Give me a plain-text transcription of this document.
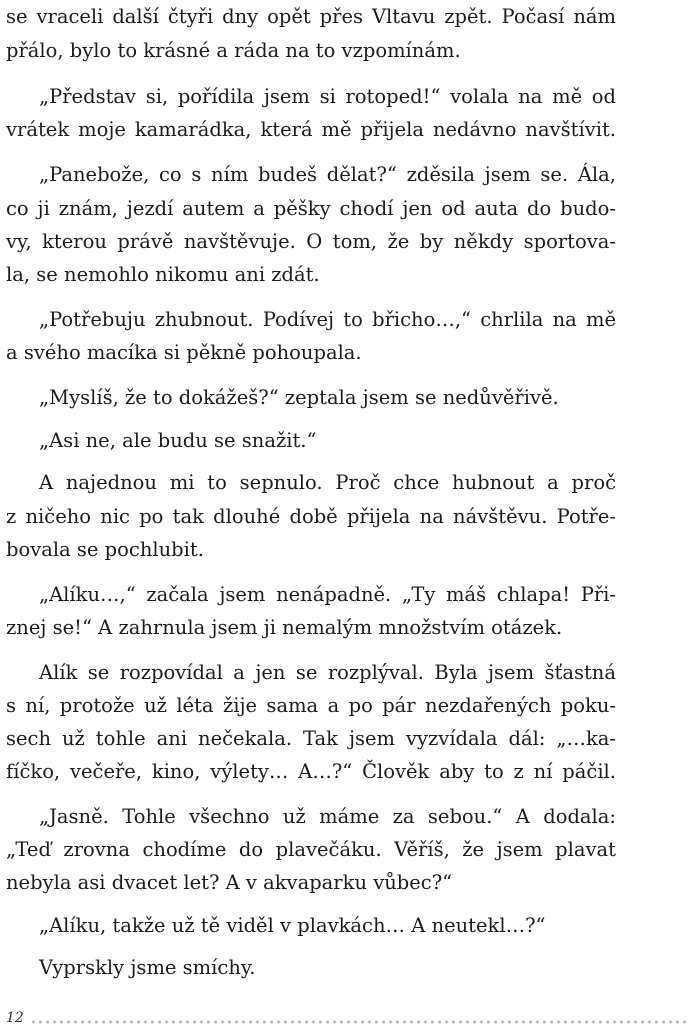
se vraceli další čtyři dny opět přes Vltavu zpět. Počasí nám
přálo, bylo to krásné a ráda na to vzpomínám.
„Představ si, pořídila jsem si rotoped!“ volala na mě od
vrátek moje kamarádka, která mě přijela nedávno navštívit.
„Panebože, co s ním budeš dělat?“ zděsila jsem se. Ála,
co ji znám, jezdí autem a pěšky chodí jen od auta do budo-
vy, kterou právě navštěvuje. O tom, že by někdy sportova-
la, se nemohlo nikomu ani zdát.
„Potřebuju zhubnout. Podívej to břicho…,“ chrlila na mě
a svého macíka si pěkně pohoupala.
„Myslíš, že to dokážeš?“ zeptala jsem se nedůvěřivě.
„Asi ne, ale budu se snažit.“
A najednou mi to sepnulo. Proč chce hubnout a proč
z ničeho nic po tak dlouhé době přijela na návštěvu. Potře-
bovala se pochlubit.
„Alíku…,“ začala jsem nenápadně. „Ty máš chlapa! Při-
znej se!“ A zahrnula jsem ji nemalým množstvím otázek.
Alík se rozpovídal a jen se rozplýval. Byla jsem šťastná
s ní, protože už léta žije sama a po pár nezdařených poku-
sech už tohle ani nečekala. Tak jsem vyzvídala dál: „…ka-
fíčko, večeře, kino, výlety… A…?“ Člověk aby to z ní páčil.
„Jasně. Tohle všechno už máme za sebou.“ A dodala:
„Teď zrovna chodíme do plavečáku. Věříš, že jsem plavat
nebyla asi dvacet let? A v akvaparku vůbec?“
„Alíku, takže už tě viděl v plavkách… A neutekl…?“
Vyprskly jsme smíchy.
12
